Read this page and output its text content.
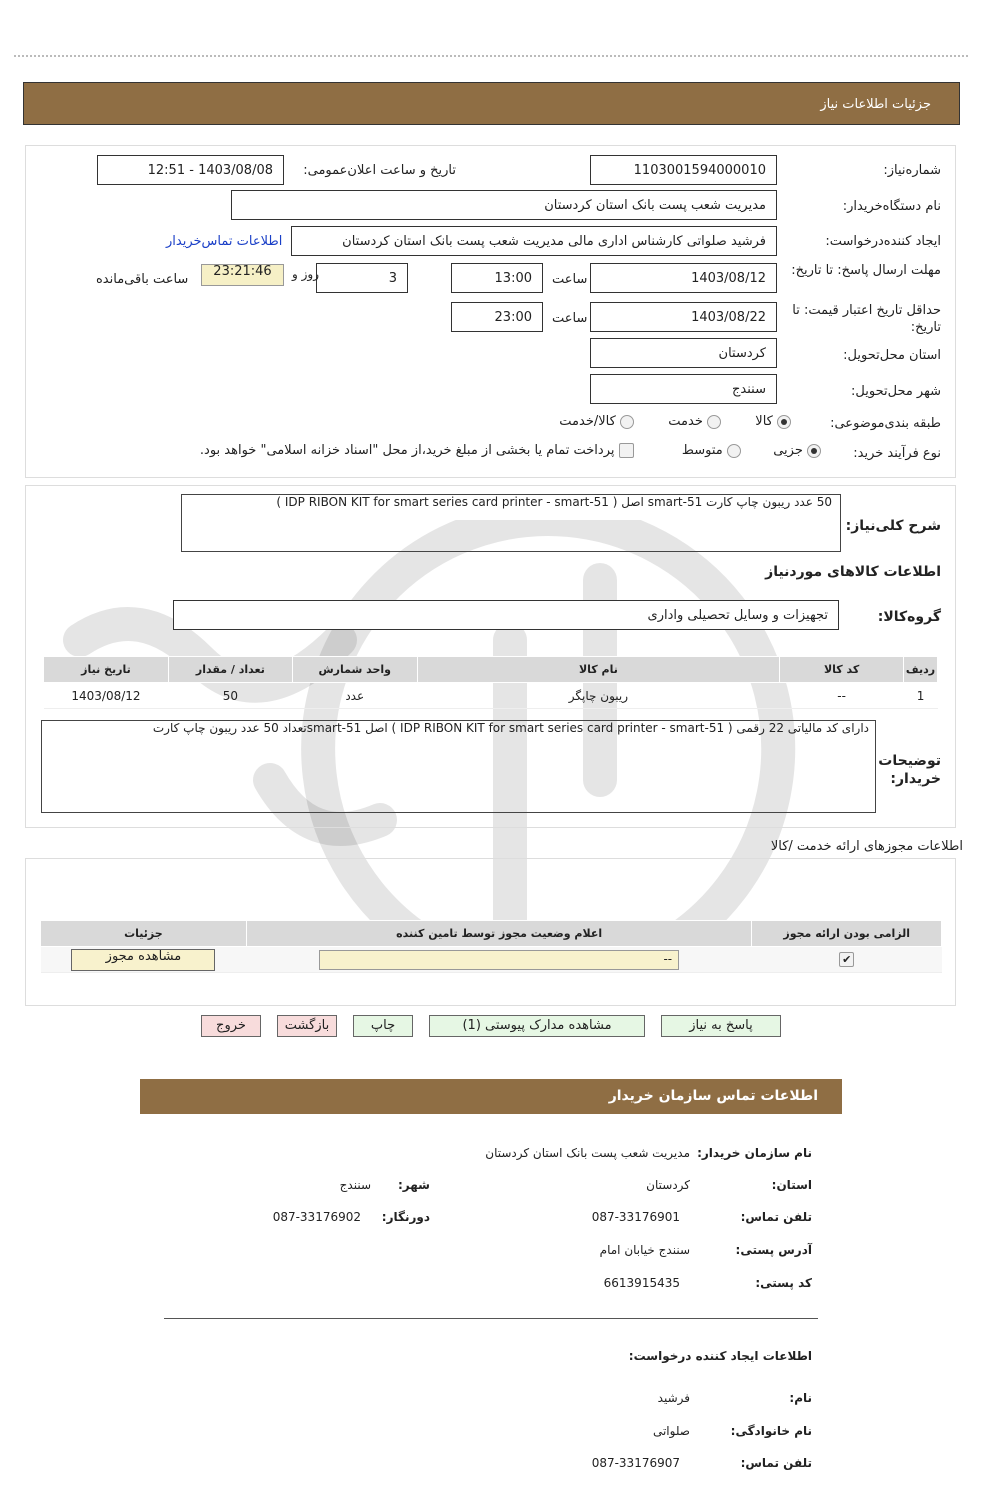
جزئیات اطلاعات نیاز
شماره‌نیاز:
1103001594000010
تاریخ و ساعت اعلان‌عمومی:
1403/08/08 - 12:51
نام دستگاه‌خریدار:
مدیریت شعب پست بانک استان کردستان
ایجاد کننده‌درخواست:
فرشید صلواتی کارشناس اداری مالی مدیریت شعب پست بانک استان کردستان
اطلاعات تماس‌خریدار
مهلت ارسال پاسخ: تا تاریخ:
1403/08/12
ساعت
13:00
3
روز و
23:21:46
ساعت باقی‌مانده
حداقل تاریخ اعتبار قیمت: تا تاریخ:
1403/08/22
ساعت
23:00
استان محل‌تحویل:
کردستان
شهر محل‌تحویل:
سنندج
طبقه بندی‌موضوعی:
کالا   خدمت   کالا/خدمت
نوع فرآیند خرید:
جزیی   متوسط   پرداخت تمام یا بخشی از مبلغ خرید،از محل "اسناد خزانه اسلامی" خواهد بود.
شرح کلی‌نیاز:
50 عدد ریبون چاپ کارت smart-51 اصل ( IDP RIBON KIT for smart series card printer - smart-51 )
اطلاعات کالاهای موردنیاز
گروه‌کالا:
تجهیزات و وسایل تحصیلی واداری
ردیف	کد کالا	نام کالا	واحد شمارش	تعداد / مقدار	تاریخ نیاز
1	--	ریبون چاپگر	عدد	50	1403/08/12
توضیحات خریدار:
دارای کد مالیاتی 22 رقمی ( IDP RIBON KIT for smart series card printer - smart-51 ) اصل smart-51تعداد 50 عدد ریبون چاپ کارت
اطلاعات مجوزهای ارائه خدمت /کالا
الزامی بودن ارائه مجوز	اعلام وضعیت مجوز توسط تامین کننده	جزئیات
✔	--	مشاهده مجوز
پاسخ به نیاز
مشاهده مدارک پیوستی (1)
چاپ
بازگشت
خروج
اطلاعات تماس سازمان خریدار
نام سازمان خریدار:
مدیریت شعب پست بانک استان کردستان
استان:
کردستان
شهر:
سنندج
تلفن تماس:
087-33176901
دورنگار:
087-33176902
آدرس پستی:
سنندج خیابان امام
کد پستی:
6613915435
اطلاعات ایجاد کننده درخواست:
نام:
فرشید
نام خانوادگی:
صلواتی
تلفن تماس:
087-33176907
